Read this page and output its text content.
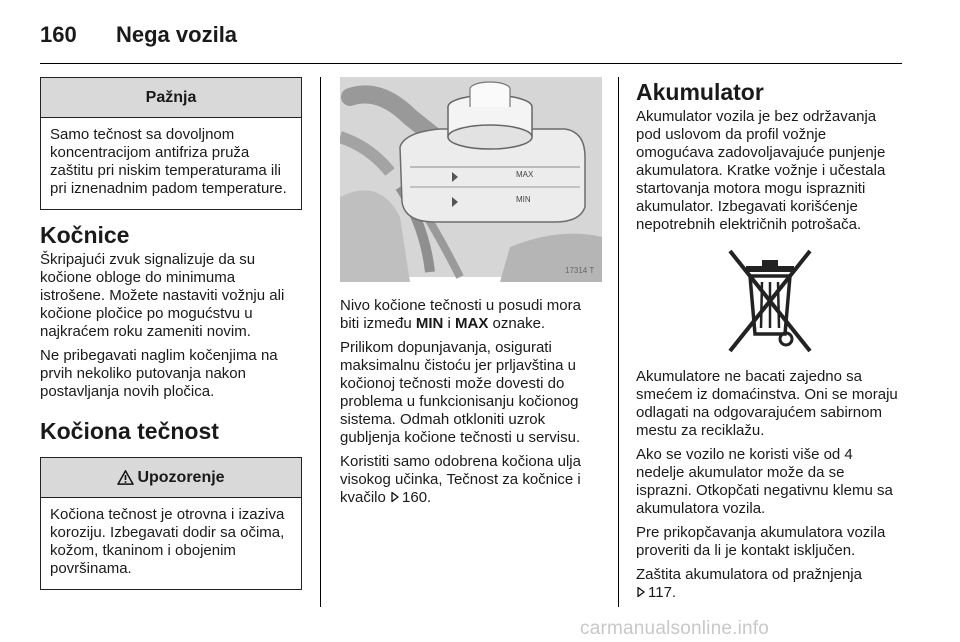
160	Nega vozila
Pažnja
Samo tečnost sa dovoljnom koncentracijom antifriza pruža zaštitu pri niskim temperaturama ili pri iznenadnim padom temperature.
Kočnice

Škripajući zvuk signalizuje da su kočione obloge do minimuma istrošene. Možete nastaviti vožnju ali kočione pločice po mogućstvu u najkraćem roku zameniti novim.

Ne pribegavati naglim kočenjima na prvih nekoliko putovanja nakon postavljanja novih pločica.

Kočiona tečnost
Upozorenje
Kočiona tečnost je otrovna i izaziva koroziju. Izbegavati dodir sa očima, kožom, tkaninom i obojenim površinama.
MAX
MIN
17314 T

Nivo kočione tečnosti u posudi mora biti između MIN i MAX oznake.

Prilikom dopunjavanja, osigurati maksimalnu čistoću jer prljavština u kočionoj tečnosti može dovesti do problema u funkcionisanju kočionog sistema. Odmah otkloniti uzrok gubljenja kočione tečnosti u servisu.

Koristiti samo odobrena kočiona ulja visokog učinka, Tečnost za kočnice i kvačilo 160.

Akumulator

Akumulator vozila je bez održavanja pod uslovom da profil vožnje omogućava zadovoljavajuće punjenje akumulatora. Kratke vožnje i učestala startovanja motora mogu isprazniti akumulator. Izbegavati korišćenje nepotrebnih električnih potrošača.

Akumulatore ne bacati zajedno sa smećem iz domaćinstva. Oni se moraju odlagati na odgovarajućem sabirnom mestu za reciklažu.

Ako se vozilo ne koristi više od 4 nedelje akumulator može da se isprazni. Otkopčati negativnu klemu sa akumulatora vozila.

Pre prikopčavanja akumulatora vozila proveriti da li je kontakt isključen.

Zaštita akumulatora od pražnjenja
117.

carmanualsonline.info
